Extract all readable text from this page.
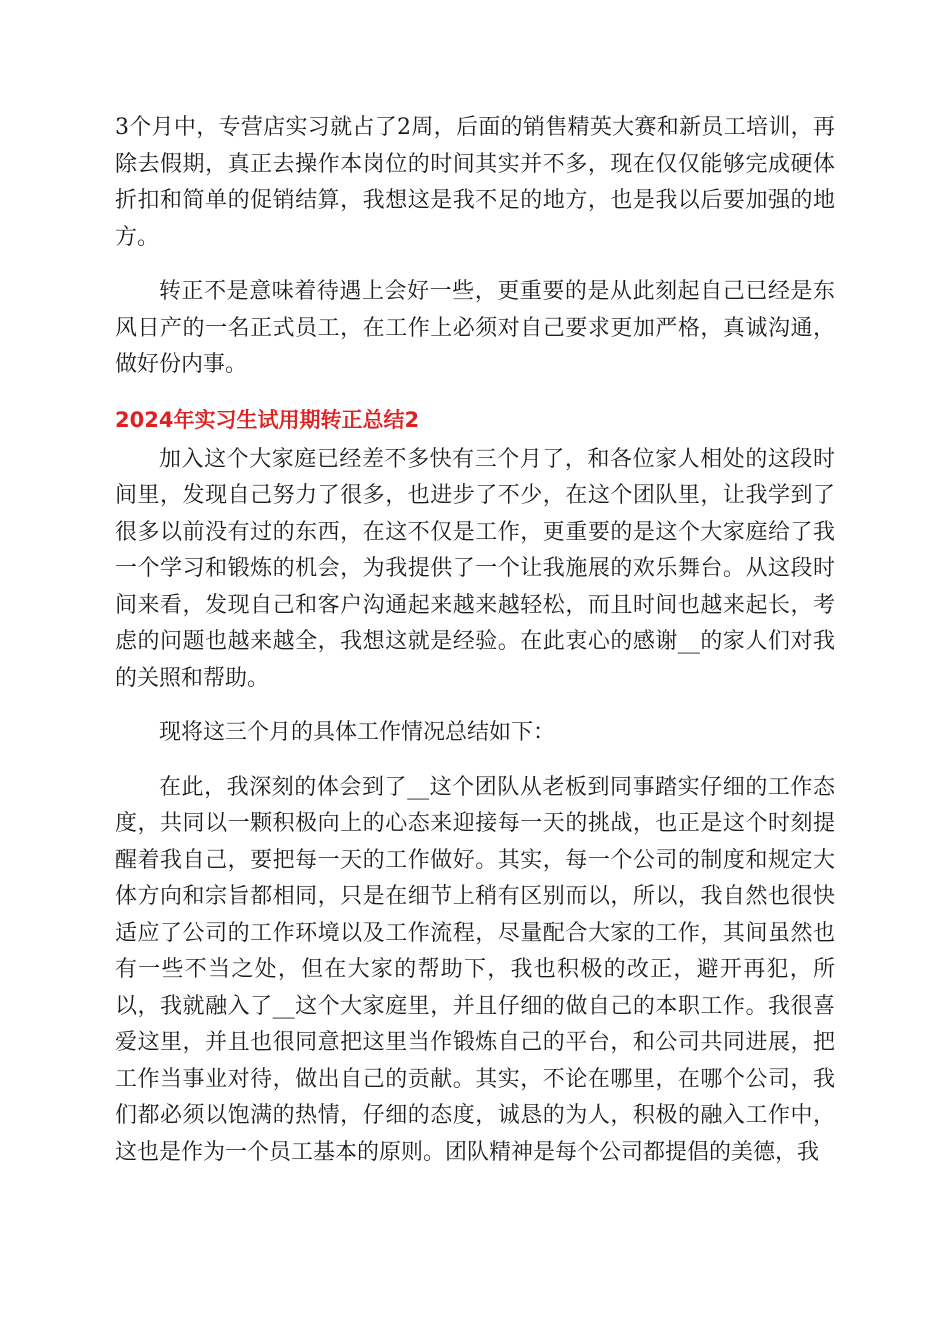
3个月中，专营店实习就占了2周，后面的销售精英大赛和新员工培训，再除去假期，真正去操作本岗位的时间其实并不多，现在仅仅能够完成硬体折扣和简单的促销结算，我想这是我不足的地方，也是我以后要加强的地方。

转正不是意味着待遇上会好一些，更重要的是从此刻起自己已经是东风日产的一名正式员工，在工作上必须对自己要求更加严格，真诚沟通，做好份内事。

2024年实习生试用期转正总结2

加入这个大家庭已经差不多快有三个月了，和各位家人相处的这段时间里，发现自己努力了很多，也进步了不少，在这个团队里，让我学到了很多以前没有过的东西，在这不仅是工作，更重要的是这个大家庭给了我一个学习和锻炼的机会，为我提供了一个让我施展的欢乐舞台。从这段时间来看，发现自己和客户沟通起来越来越轻松，而且时间也越来起长，考虑的问题也越来越全，我想这就是经验。在此衷心的感谢__的家人们对我的关照和帮助。

现将这三个月的具体工作情况总结如下：

在此，我深刻的体会到了__这个团队从老板到同事踏实仔细的工作态度，共同以一颗积极向上的心态来迎接每一天的挑战，也正是这个时刻提醒着我自己，要把每一天的工作做好。其实，每一个公司的制度和规定大体方向和宗旨都相同，只是在细节上稍有区别而以，所以，我自然也很快适应了公司的工作环境以及工作流程，尽量配合大家的工作，其间虽然也有一些不当之处，但在大家的帮助下，我也积极的改正，避开再犯，所以，我就融入了__这个大家庭里，并且仔细的做自己的本职工作。我很喜爱这里，并且也很同意把这里当作锻炼自己的平台，和公司共同进展，把工作当事业对待，做出自己的贡献。其实，不论在哪里，在哪个公司，我们都必须以饱满的热情，仔细的态度，诚恳的为人，积极的融入工作中，这也是作为一个员工基本的原则。团队精神是每个公司都提倡的美德，我
